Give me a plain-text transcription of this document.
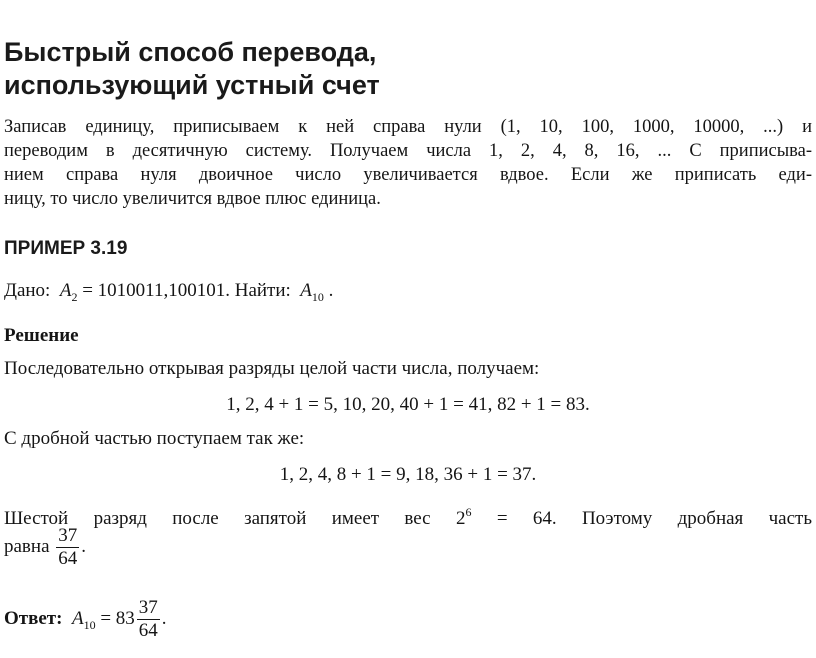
Быстрый способ перевода,
использующий устный счет
Записав единицу, приписываем к ней справа нули (1, 10, 100, 1000, 10000, ...) и
переводим в десятичную систему. Получаем числа 1, 2, 4, 8, 16, ... С приписыва-
нием справа нуля двоичное число увеличивается вдвое. Если же приписать еди-
ницу, то число увеличится вдвое плюс единица.
ПРИМЕР 3.19
Дано: $A_2 = 1010011,100101$. Найти: $A_{10}$ .
Решение
Последовательно открывая разряды целой части числа, получаем:
1, 2, 4 + 1 = 5, 10, 20, 40 + 1 = 41, 82 + 1 = 83.
С дробной частью поступаем так же:
1, 2, 4, 8 + 1 = 9, 18, 36 + 1 = 37.
Шестой разряд после запятой имеет вес $2^6 = 64$. Поэтому дробная часть
равна $\frac{37}{64}$ .
Ответ: $A_{10} = 83 \frac{37}{64}$ .
